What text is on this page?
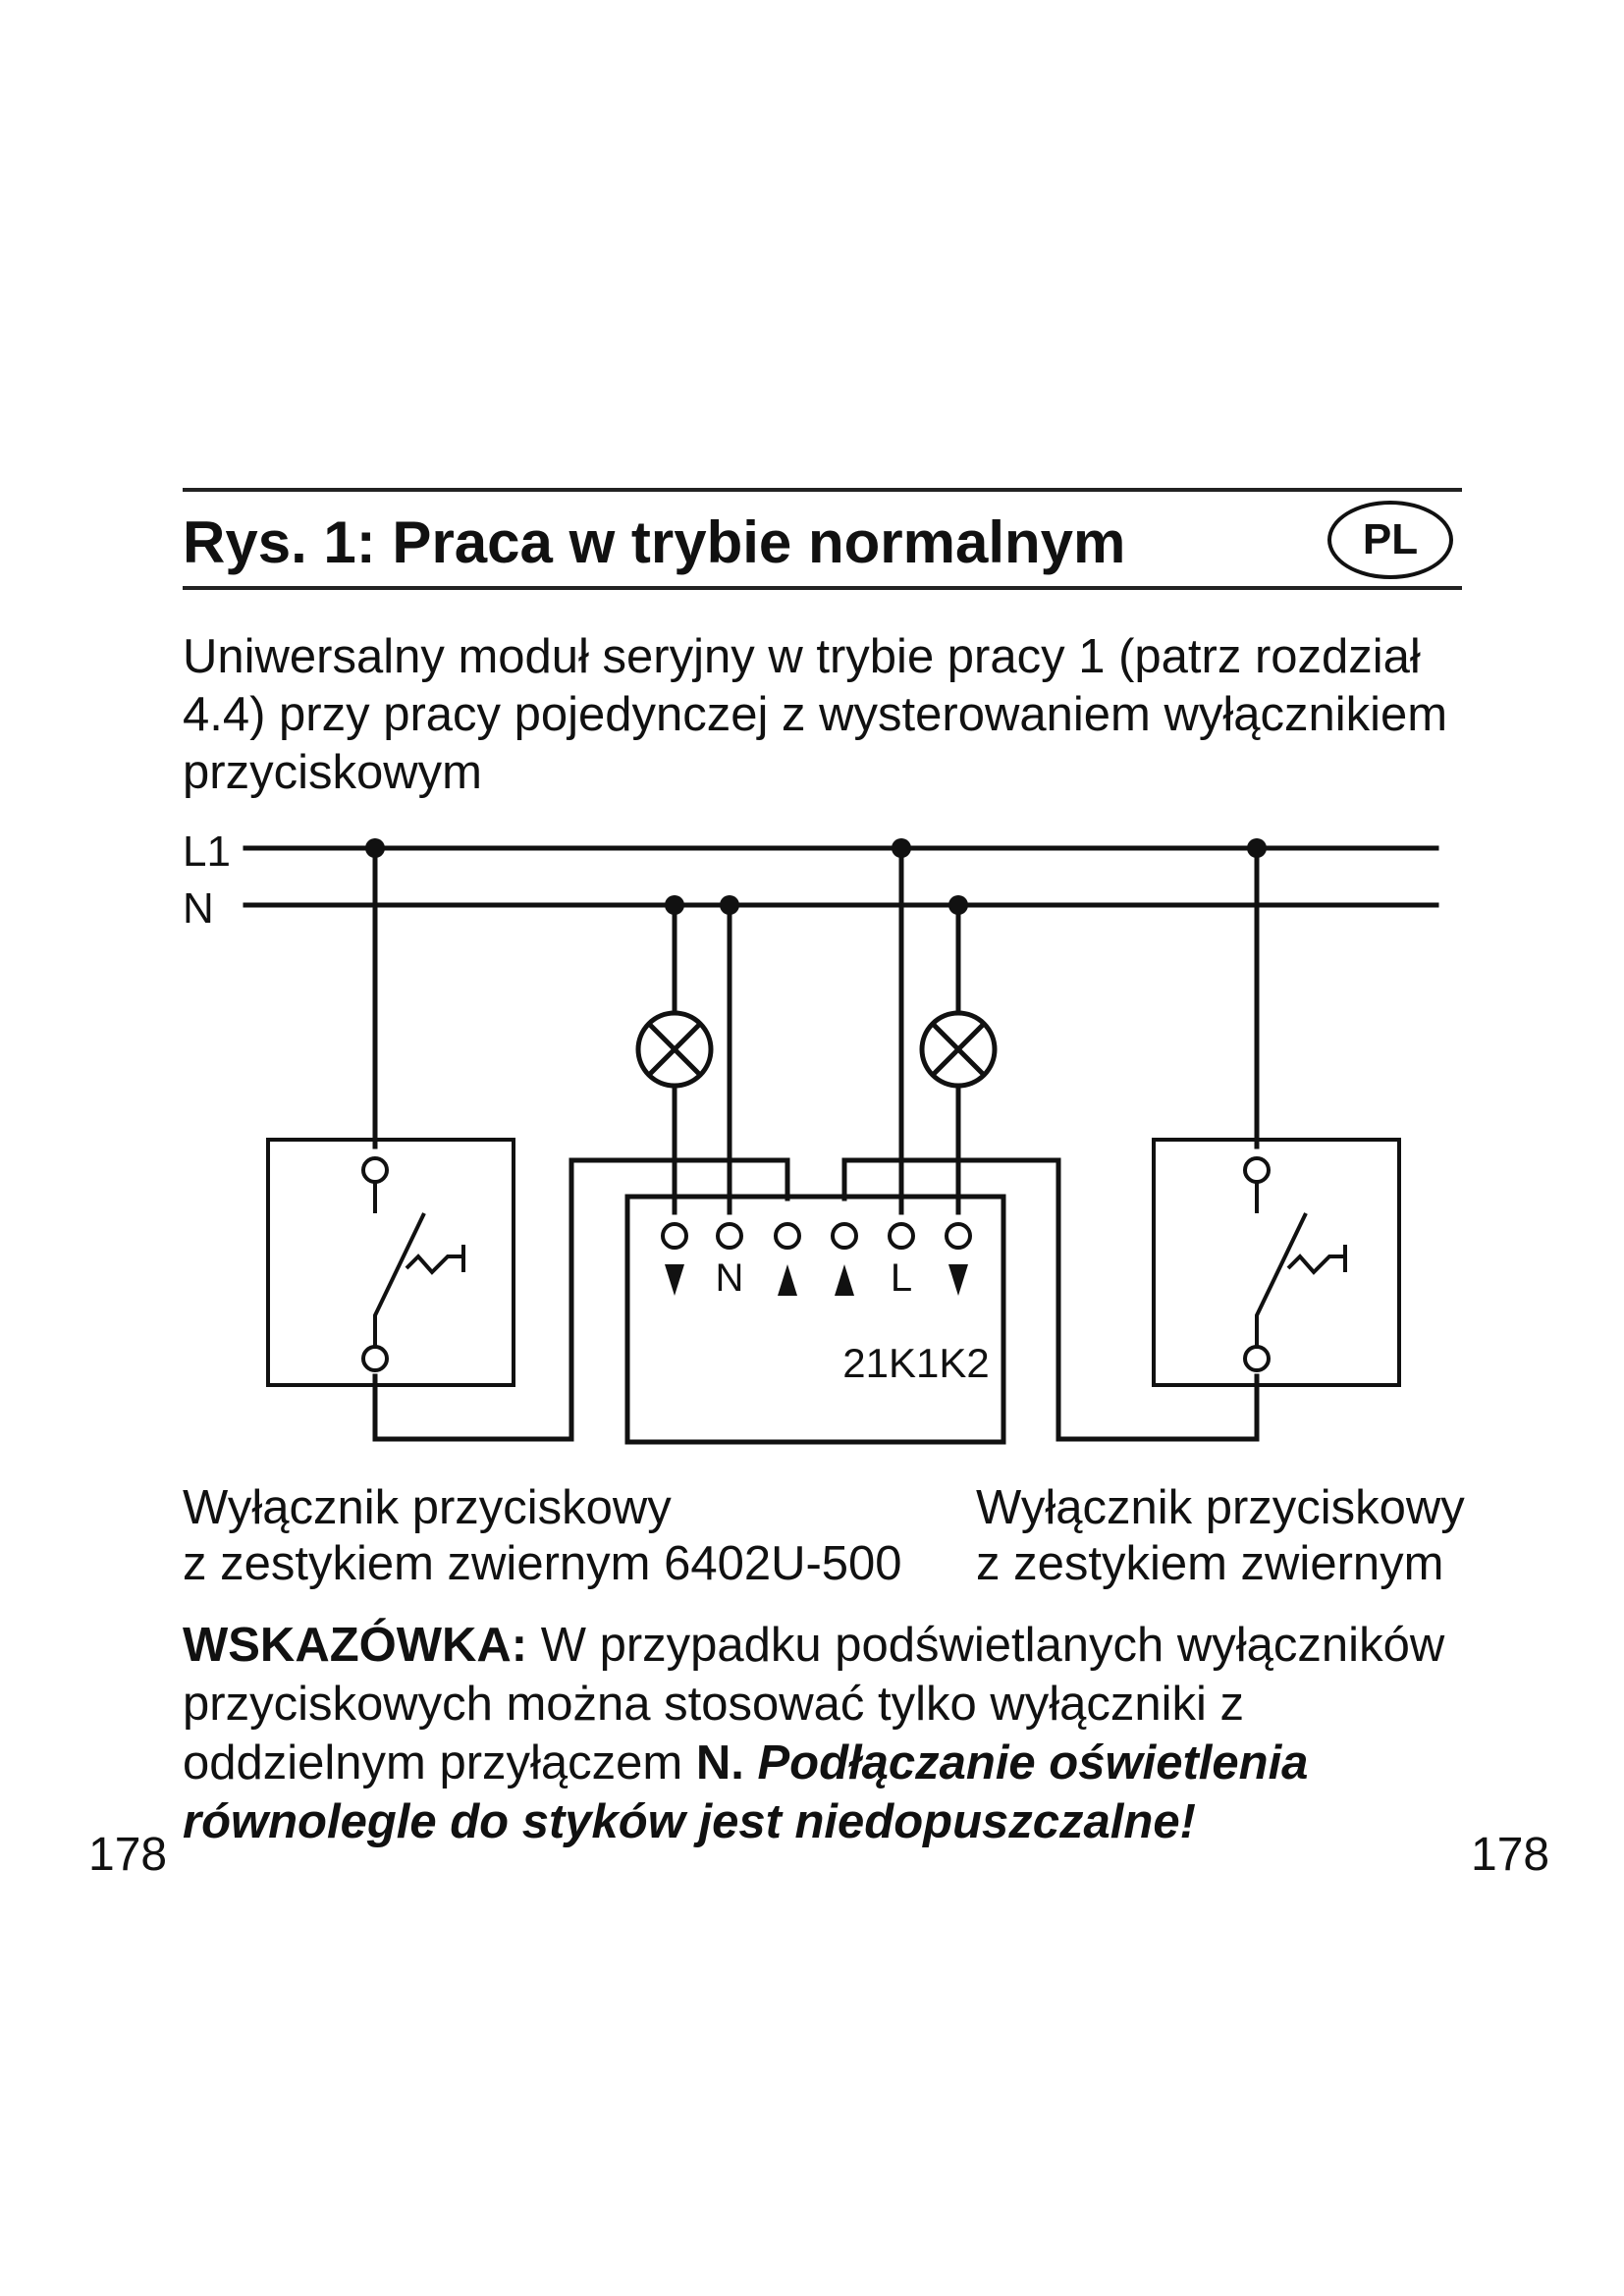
Rys. 1: Praca w trybie normalnym	PL
Uniwersalny moduł seryjny w trybie pracy 1 (patrz rozdział
4.4) przy pracy pojedynczej z wysterowaniem wyłącznikiem
przyciskowym
L1
N
N	L
21K1K2
Wyłącznik przyciskowy
z zestykiem zwiernym 6402U-500
Wyłącznik przyciskowy
z zestykiem zwiernym
WSKAZÓWKA: W przypadku podświetlanych wyłączników
przyciskowych można stosować tylko wyłączniki z
oddzielnym przyłączem N. Podłączanie oświetlenia
równolegle do styków jest niedopuszczalne!
178	178
